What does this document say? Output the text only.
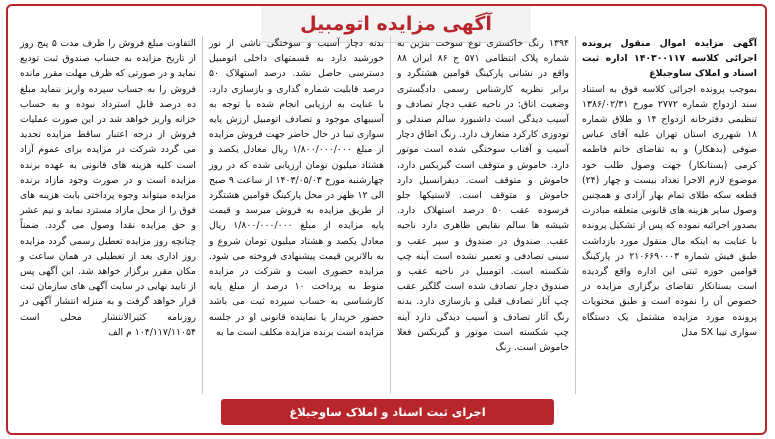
آگهی مزایده اتومبیل

آگهی مزایده اموال منقول پرونده اجرائی کلاسه ۱۴۰۳۰۰۱۱۷ اداره ثبت اسناد و املاک ساوجبلاغ

بموجب پرونده اجرائی کلاسه فوق به استناد سند ازدواج شماره ۲۷۷۲ مورخ ۱۳۸۶/۰۲/۳۱ تنظیمی دفترخانه ازدواج ۱۴ و طلاق شماره ۱۸ شهرری استان تهران علیه آقای عباس صوفی (بدهکار) و به تقاضای خانم فاطمه کرمی (بستانکار) جهت وصول طلب خود موضوع لازم الاجرا تعداد بیست و چهار (۲۴) قطعه سکه طلای تمام بهار آزادی و همچنین وصول سایر هزینه های قانونی متعلقه مبادرت بصدور اجرائیه نموده که پس از تشکیل پرونده با عنایت به اینکه مال منقول مورد بازداشت طبق فیش شماره ۲۱۰۶۶۹۰۰۰۳ در پارکینگ قوامین حوزه ثبتی این اداره واقع گردیده است بستانکار تقاضای برگزاری مزایده در خصوص آن را نموده است و طبق محتویات پرونده مورد مزایده مشتمل یک دستگاه سواری تیبا SX مدل

۱۳۹۴ رنگ خاکستری نوع سوخت بنزین به شماره پلاک انتظامی ۵۷۱ ج ۸۶ ایران ۸۸ واقع در نشانی پارکینگ قوامین هشتگرد و برابر نظریه کارشناس رسمی دادگستری وضعیت اتاق: در ناحیه عقب دچار تصادف و آسیب دیدگی است داشبورد سالم صندلی و تودوزی کارکرد متعارف دارد. رنگ اطاق دچار آسیب و آفتاب سوختگی شده است موتور دارد. خاموش و متوقف است گیربکس دارد، خاموش و متوقف است. دیفرانسیل دارد خاموش و متوقف است. لاستیکها جلو فرسوده عقب ۵۰ درصد استهلاک دارد. شیشه ها سالم نقایص ظاهری دارد ناحیه عقب. صندوق در صندوق و سپر عقب و سینی تصادفی و تعمیر نشده است آینه چپ شکسته است. اتومبیل در ناحیه عقب و صندوق دچار تصادف شده است گلگیر عقب چپ آثار تصادف قبلی و بازسازی دارد. بدنه رنگ آثار تصادف و آسیب دیدگی دارد آینه چپ شکسته است موتور و گیربکس فعلا خاموش است. رنگ

بدنه دچار آسیب و سوختگی ناشی از نور خورشید دارد به قسمتهای داخلی اتومبیل دسترسی حاصل نشد. درصد استهلاک ۵۰ درصد قابلیت شماره گذاری و بازسازی دارد. با عنایت به ارزیابی انجام شده با توجه به آسیبهای موجود و تصادف اتومبیل ارزش پایه سواری تیبا در حال حاضر جهت فروش مزایده از مبلغ ۱/۸۰۰/۰۰۰/۰۰۰ ریال معادل یکصد و هشتاد میلیون تومان ارزیابی شده که در روز چهارشنبه مورخ ۱۴۰۳/۰۵/۰۳ از ساعت ۹ صبح الی ۱۲ ظهر در محل پارکینگ قوامین هشتگرد از طریق مزایده به فروش میرسد و قیمت پایه مزایده از مبلغ ۱/۸۰۰/۰۰۰/۰۰۰ ریال معادل یکصد و هشتاد میلیون تومان شروع و به بالاترین قیمت پیشنهادی فروخته می شود. مزایده حضوری است و شرکت در مزایده منوط به پرداخت ۱۰ درصد از مبلغ پایه کارشناسی به حساب سپرده ثبت می باشد حضور خریدار یا نماینده قانونی او در جلسه مزایده است برنده مزایده مکلف است ما به

التفاوت مبلغ فروش را ظرف مدت ۵ پنج روز از تاریخ مزایده به حساب صندوق ثبت تودیع نماید و در صورتی که ظرف مهلت مقرر مانده فروش را به حساب سپرده واریز ننماید مبلغ ده درصد قابل استرداد نبوده و به حساب خزانه واریز خواهد شد در این صورت عملیات فروش از درجه اعتبار ساقط مزایده تجدید می گردد شرکت در مزایده برای عموم آزاد است کلیه هزینه های قانونی به عهده برنده مزایده است و در صورت وجود مازاد برنده مزایده میتواند وجوه پرداختی بابت هزینه های فوق را از محل مازاد مسترد نماید و نیم عشر و حق مزایده نقدا وصول می گردد. ضمناً چنانچه روز مزایده تعطیل رسمی گردد مزایده روز اداری بعد از تعطیلی در همان ساعت و مکان مقرر برگزار خواهد شد. این آگهی پس از تایید نهایی در سایت آگهی های سازمان ثبت قرار خواهد گرفت و به منزله انتشار آگهی در روزنامه کثیرالانتشار محلی است ۱۰۴/۱۱۷/۱۱۰۵۴ م الف

اجرای ثبت اسناد و املاک ساوجبلاغ
